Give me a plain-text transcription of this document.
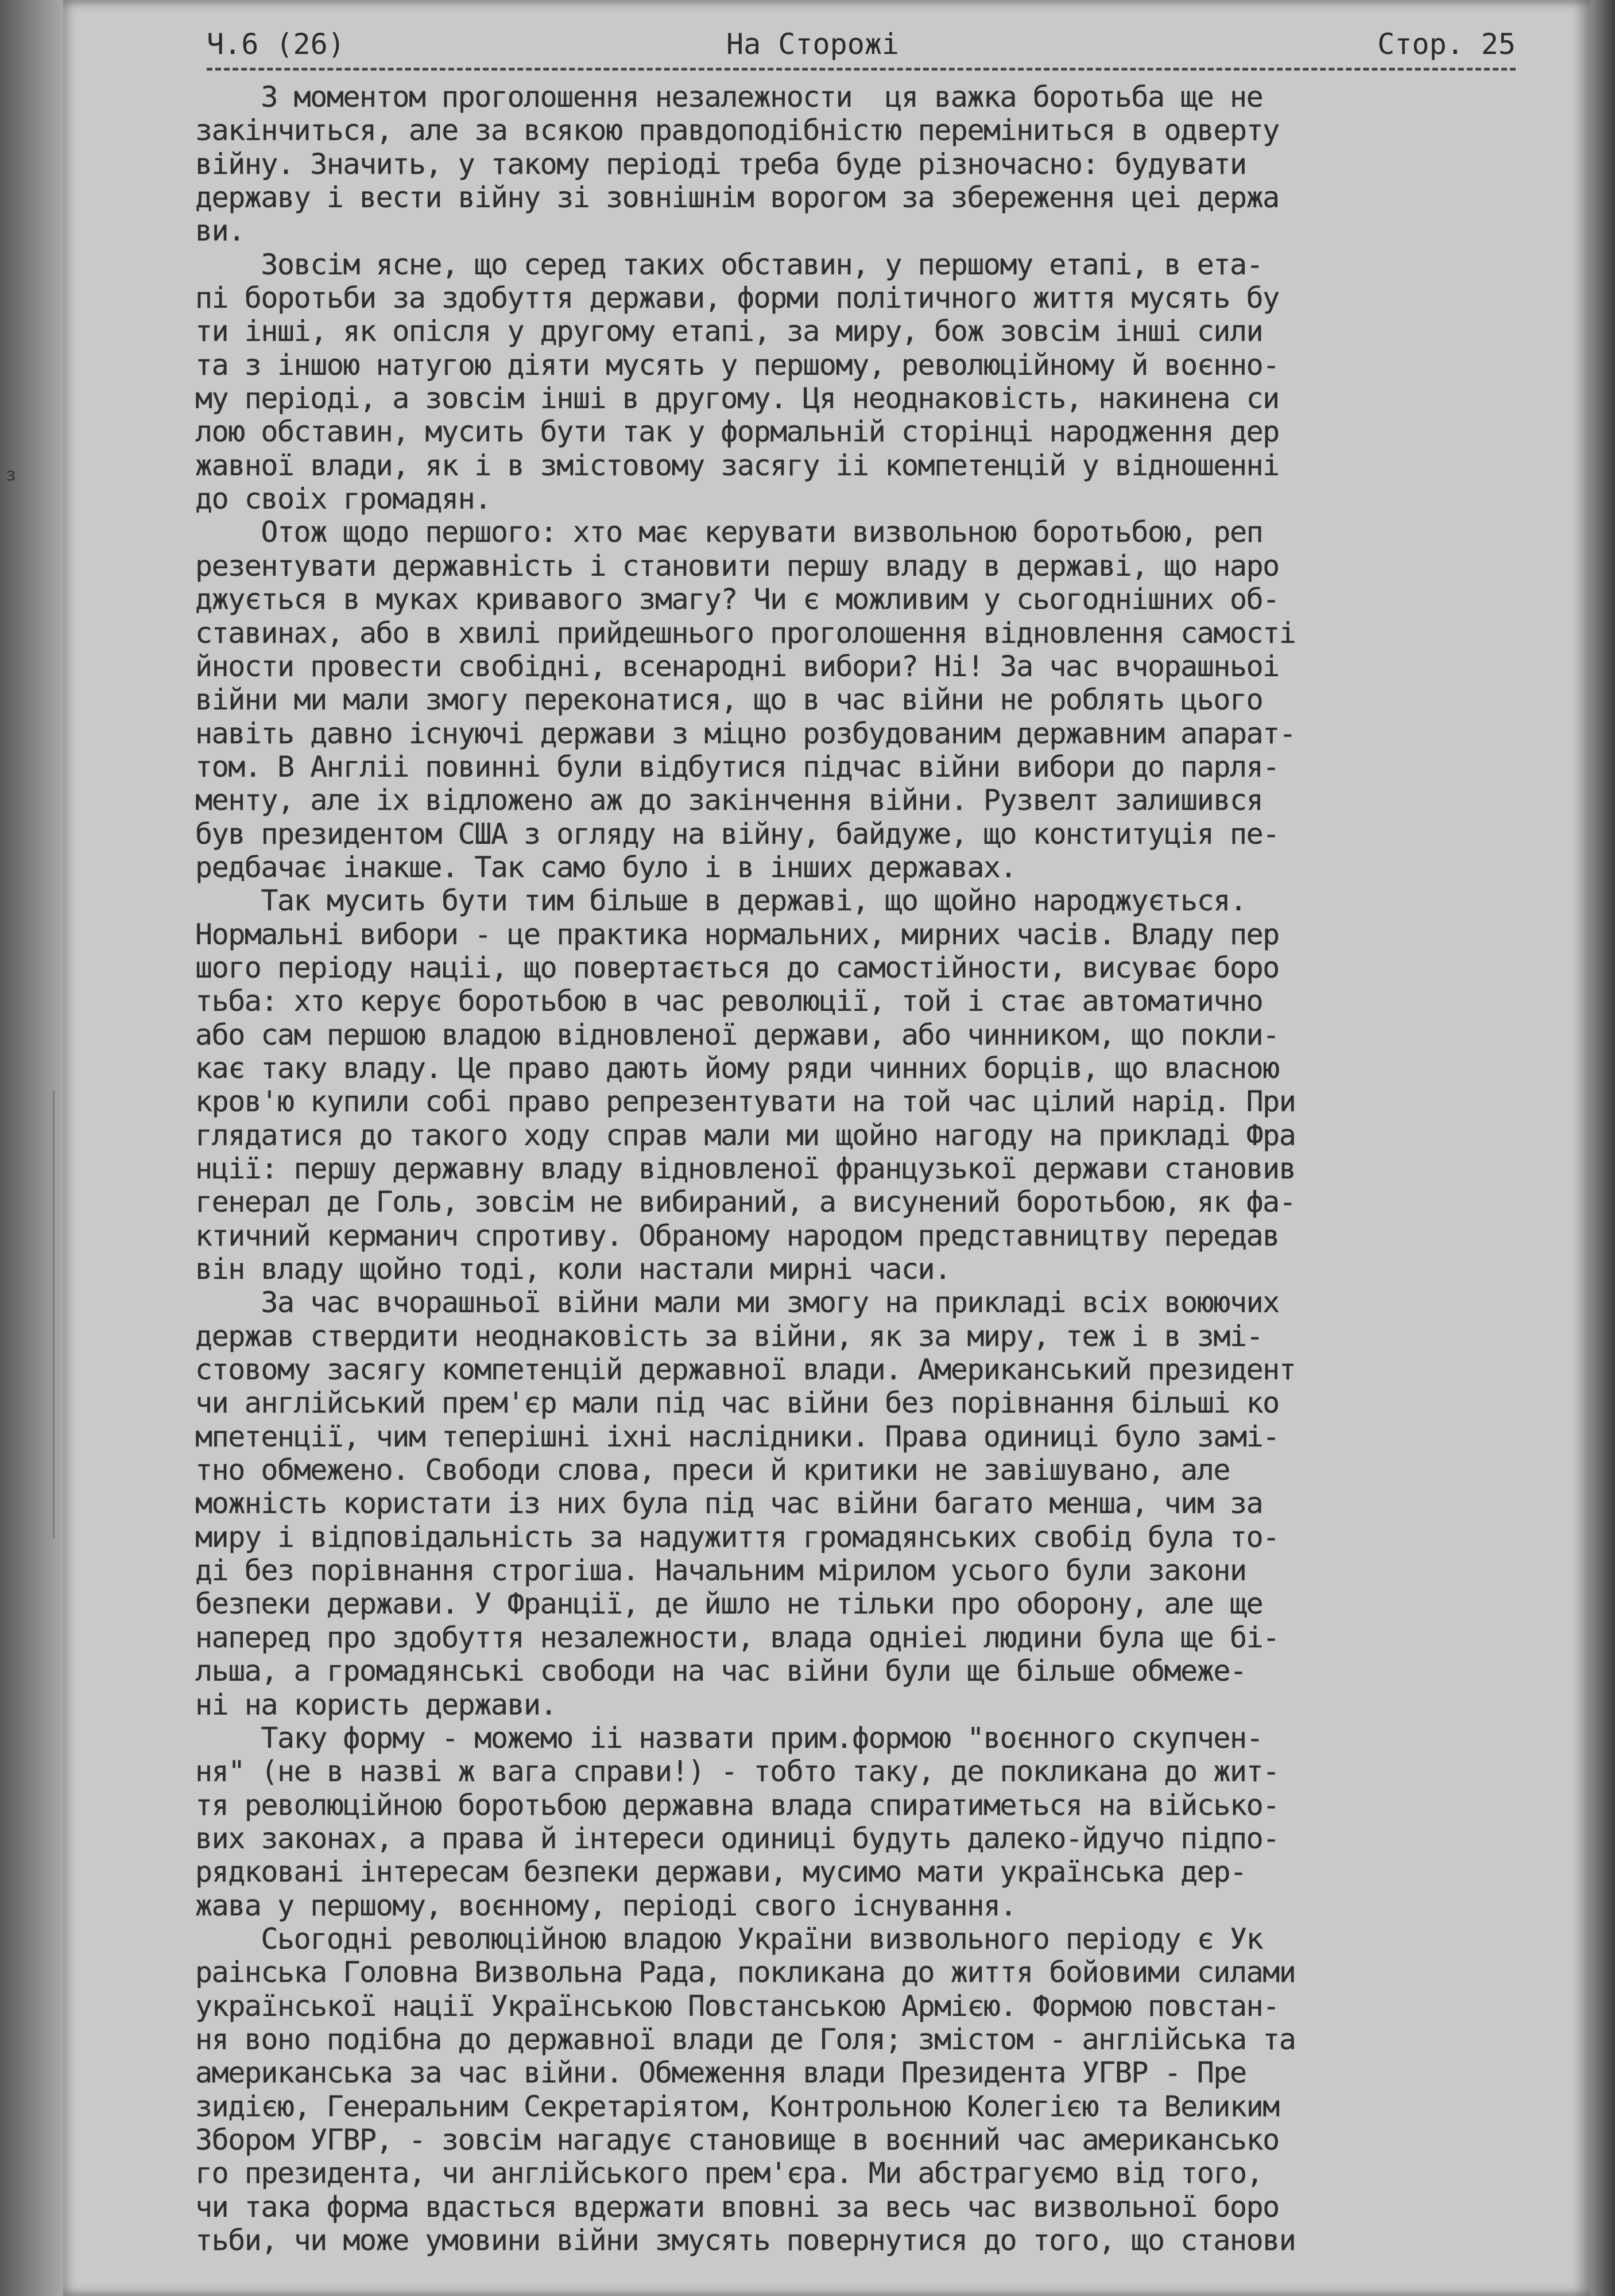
з
Ч.6 (26)	На Сторожі	Стор. 25
З моментом проголошення незалежности  ця важка боротьба ще не
закінчиться, але за всякою правдоподібністю переміниться в одверту
війну. Значить, у такому періоді треба буде різночасно: будувати
державу і вести війну зі зовнішнім ворогом за збереження цеі держа
ви.
Зовсім ясне, що серед таких обставин, у першому етапі, в ета-
пі боротьби за здобуття держави, форми політичного життя мусять бу
ти інші, як опісля у другому етапі, за миру, бож зовсім інші сили
та з іншою натугою діяти мусять у першому, революційному й воєнно-
му періоді, а зовсім інші в другому. Ця неоднаковість, накинена си
лою обставин, мусить бути так у формальній сторінці народження дер
жавної влади, як і в змістовому засягу іі компетенцій у відношенні
до своіх громадян.
Отож щодо першого: хто має керувати визвольною боротьбою, реп
резентувати державність і становити першу владу в державі, що наро
джується в муках кривавого змагу? Чи є можливим у сьогоднішних об-
ставинах, або в хвилі прийдешнього проголошення відновлення самості
йности провести свобідні, всенародні вибори? Ні! За час вчорашньоі
війни ми мали змогу переконатися, що в час війни не роблять цього
навіть давно існуючі держави з міцно розбудованим державним апарат-
том. В Англіі повинні були відбутися підчас війни вибори до парля-
менту, але іх відложено аж до закінчення війни. Рузвелт залишився
був президентом США з огляду на війну, байдуже, що конституція пе-
редбачає інакше. Так само було і в інших державах.
Так мусить бути тим більше в державі, що щойно народжується.
Нормальні вибори - це практика нормальних, мирних часів. Владу пер
шого періоду націі, що повертається до самостійности, висуває боро
тьба: хто керує боротьбою в час революції, той і стає автоматично
або сам першою владою відновленої держави, або чинником, що покли-
кає таку владу. Це право дають йому ряди чинних борців, що власною
кров'ю купили собі право репрезентувати на той час цілий нарід. При
глядатися до такого ходу справ мали ми щойно нагоду на прикладі Фра
нції: першу державну владу відновленої французької держави становив
генерал де Голь, зовсім не вибираний, а висунений боротьбою, як фа-
ктичний керманич спротиву. Обраному народом представництву передав
він владу щойно тоді, коли настали мирні часи.
За час вчорашньої війни мали ми змогу на прикладі всіх воюючих
держав ствердити неоднаковість за війни, як за миру, теж і в змі-
стовому засягу компетенцій державної влади. Американський президент
чи англійський прем'єр мали під час війни без порівнання більші ко
мпетенції, чим теперішні іхні наслідники. Права одиниці було замі-
тно обмежено. Свободи слова, преси й критики не завішувано, але
можність користати із них була під час війни багато менша, чим за
миру і відповідальність за надужиття громадянських свобід була то-
ді без порівнання строгіша. Начальним мірилом усього були закони
безпеки держави. У Франції, де йшло не тільки про оборону, але ще
наперед про здобуття незалежности, влада одніеі людини була ще бі-
льша, а громадянські свободи на час війни були ще більше обмеже-
ні на користь держави.
Таку форму - можемо іі назвати прим.формою "воєнного скупчен-
ня" (не в назві ж вага справи!) - тобто таку, де покликана до жит-
тя революційною боротьбою державна влада спиратиметься на військо-
вих законах, а права й інтереси одиниці будуть далеко-йдучо підпо-
рядковані інтересам безпеки держави, мусимо мати українська дер-
жава у першому, воєнному, періоді свого існування.
Сьогодні революційною владою України визвольного періоду є Ук
раінська Головна Визвольна Рада, покликана до життя бойовими силами
української нації Українською Повстанською Армією. Формою повстан-
ня воно подібна до державної влади де Голя; змістом - англійська та
американська за час війни. Обмеження влади Президента УГВР - Пре
зидією, Генеральним Секретаріятом, Контрольною Колегією та Великим
Збором УГВР, - зовсім нагадує становище в воєнний час американсько
го президента, чи англійського прем'єра. Ми абстрагуємо від того,
чи така форма вдасться вдержати вповні за весь час визвольної боро
тьби, чи може умовини війни змусять повернутися до того, що станови
